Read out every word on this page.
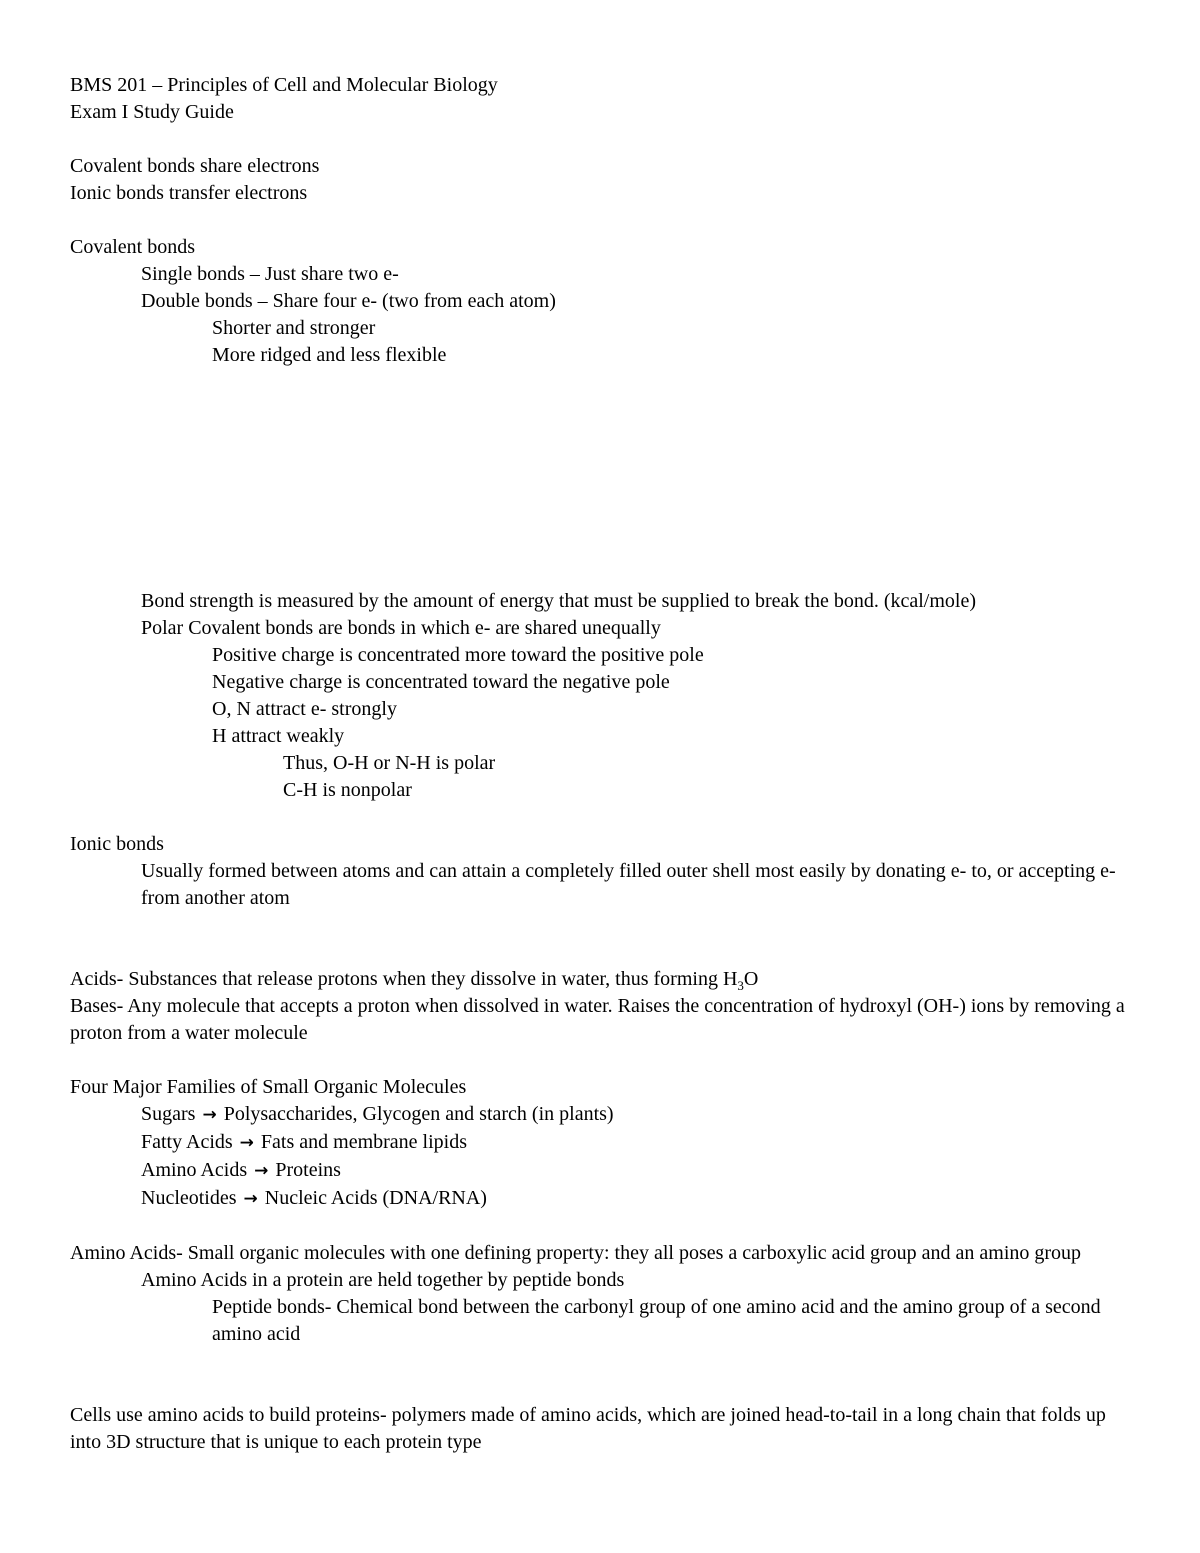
BMS 201 – Principles of Cell and Molecular Biology

Exam I Study Guide

Covalent bonds share electrons

Ionic bonds transfer electrons

Covalent bonds

Single bonds – Just share two e-

Double bonds – Share four e- (two from each atom)

Shorter and stronger

More ridged and less flexible

Bond strength is measured by the amount of energy that must be supplied to break the bond. (kcal/mole)

Polar Covalent bonds are bonds in which e- are shared unequally

Positive charge is concentrated more toward the positive pole

Negative charge is concentrated toward the negative pole

O, N attract e- strongly

H attract weakly

Thus, O-H or N-H is polar

C-H is nonpolar

Ionic bonds

Usually formed between atoms and can attain a completely filled outer shell most easily by donating e- to, or accepting e- from another atom

Acids- Substances that release protons when they dissolve in water, thus forming $H_3O$

Bases- Any molecule that accepts a proton when dissolved in water. Raises the concentration of hydroxyl (OH-) ions by removing a proton from a water molecule

Four Major Families of Small Organic Molecules

Sugars → Polysaccharides, Glycogen and starch (in plants)

Fatty Acids → Fats and membrane lipids

Amino Acids → Proteins

Nucleotides → Nucleic Acids (DNA/RNA)

Amino Acids- Small organic molecules with one defining property: they all poses a carboxylic acid group and an amino group

Amino Acids in a protein are held together by peptide bonds

Peptide bonds- Chemical bond between the carbonyl group of one amino acid and the amino group of a second amino acid

Cells use amino acids to build proteins- polymers made of amino acids, which are joined head-to-tail in a long chain that folds up into 3D structure that is unique to each protein type
